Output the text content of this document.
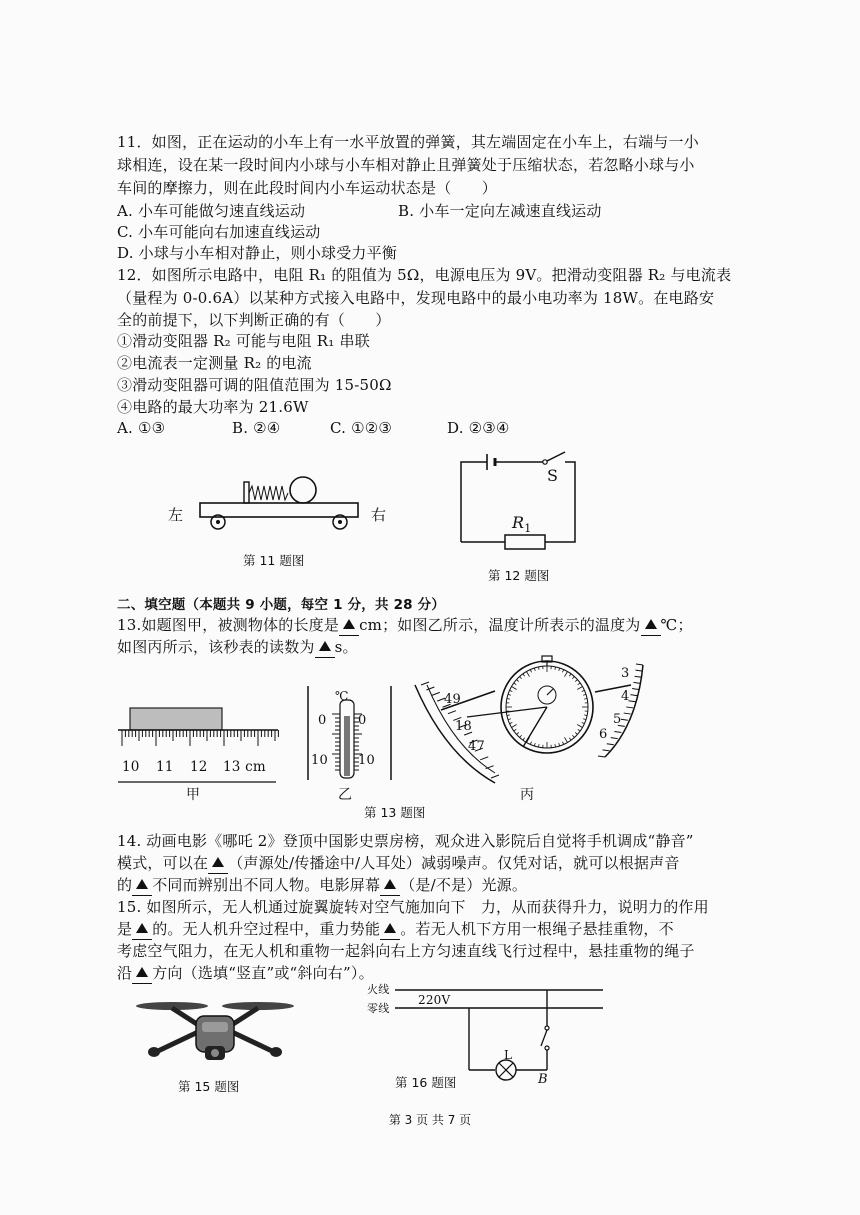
11．如图，正在运动的小车上有一水平放置的弹簧，其左端固定在小车上，右端与一小
球相连，设在某一段时间内小球与小车相对静止且弹簧处于压缩状态，若忽略小球与小
车间的摩擦力，则在此段时间内小车运动状态是（　　）
A. 小车可能做匀速直线运动	B. 小车一定向左减速直线运动
C. 小车可能向右加速直线运动
D. 小球与小车相对静止，则小球受力平衡
12．如图所示电路中，电阻 R₁ 的阻值为 5Ω，电源电压为 9V。把滑动变阻器 R₂ 与电流表
（量程为 0-0.6A）以某种方式接入电路中，发现电路中的最小电功率为 18W。在电路安
全的前提下，以下判断正确的有（　　）
①滑动变阻器 R₂ 可能与电阻 R₁ 串联
②电流表一定测量 R₂ 的电流
③滑动变阻器可调的阻值范围为 15-50Ω
④电路的最大功率为 21.6W
A. ①③	B. ②④	C. ①②③	D. ②③④
左	右
第 11 题图
S
$R_1$
第 12 题图
二、填空题（本题共 9 小题，每空 1 分，共 28 分）
13.如题图甲，被测物体的长度是 cm；如图乙所示，温度计所表示的温度为 ℃；
如图丙所示，该秒表的读数为 s。
10 11 12 13 cm
甲
℃
0 0
10 10
乙
49
18
47
3
4
5
6
丙
第 13 题图
14. 动画电影《哪吒 2》登顶中国影史票房榜，观众进入影院后自觉将手机调成“静音”
模式，可以在 （声源处/传播途中/人耳处）减弱噪声。仅凭对话，就可以根据声音
的 不同而辨别出不同人物。电影屏幕 （是/不是）光源。
15. 如图所示，无人机通过旋翼旋转对空气施加向下　力，从而获得升力，说明力的作用
是 的。无人机升空过程中，重力势能 。若无人机下方用一根绳子悬挂重物，不
考虑空气阻力，在无人机和重物一起斜向右上方匀速直线飞行过程中，悬挂重物的绳子
沿 方向（选填“竖直”或“斜向右”）。
第 15 题图
火线
零线
220V
L
B
第 16 题图
第 3 页 共 7 页
